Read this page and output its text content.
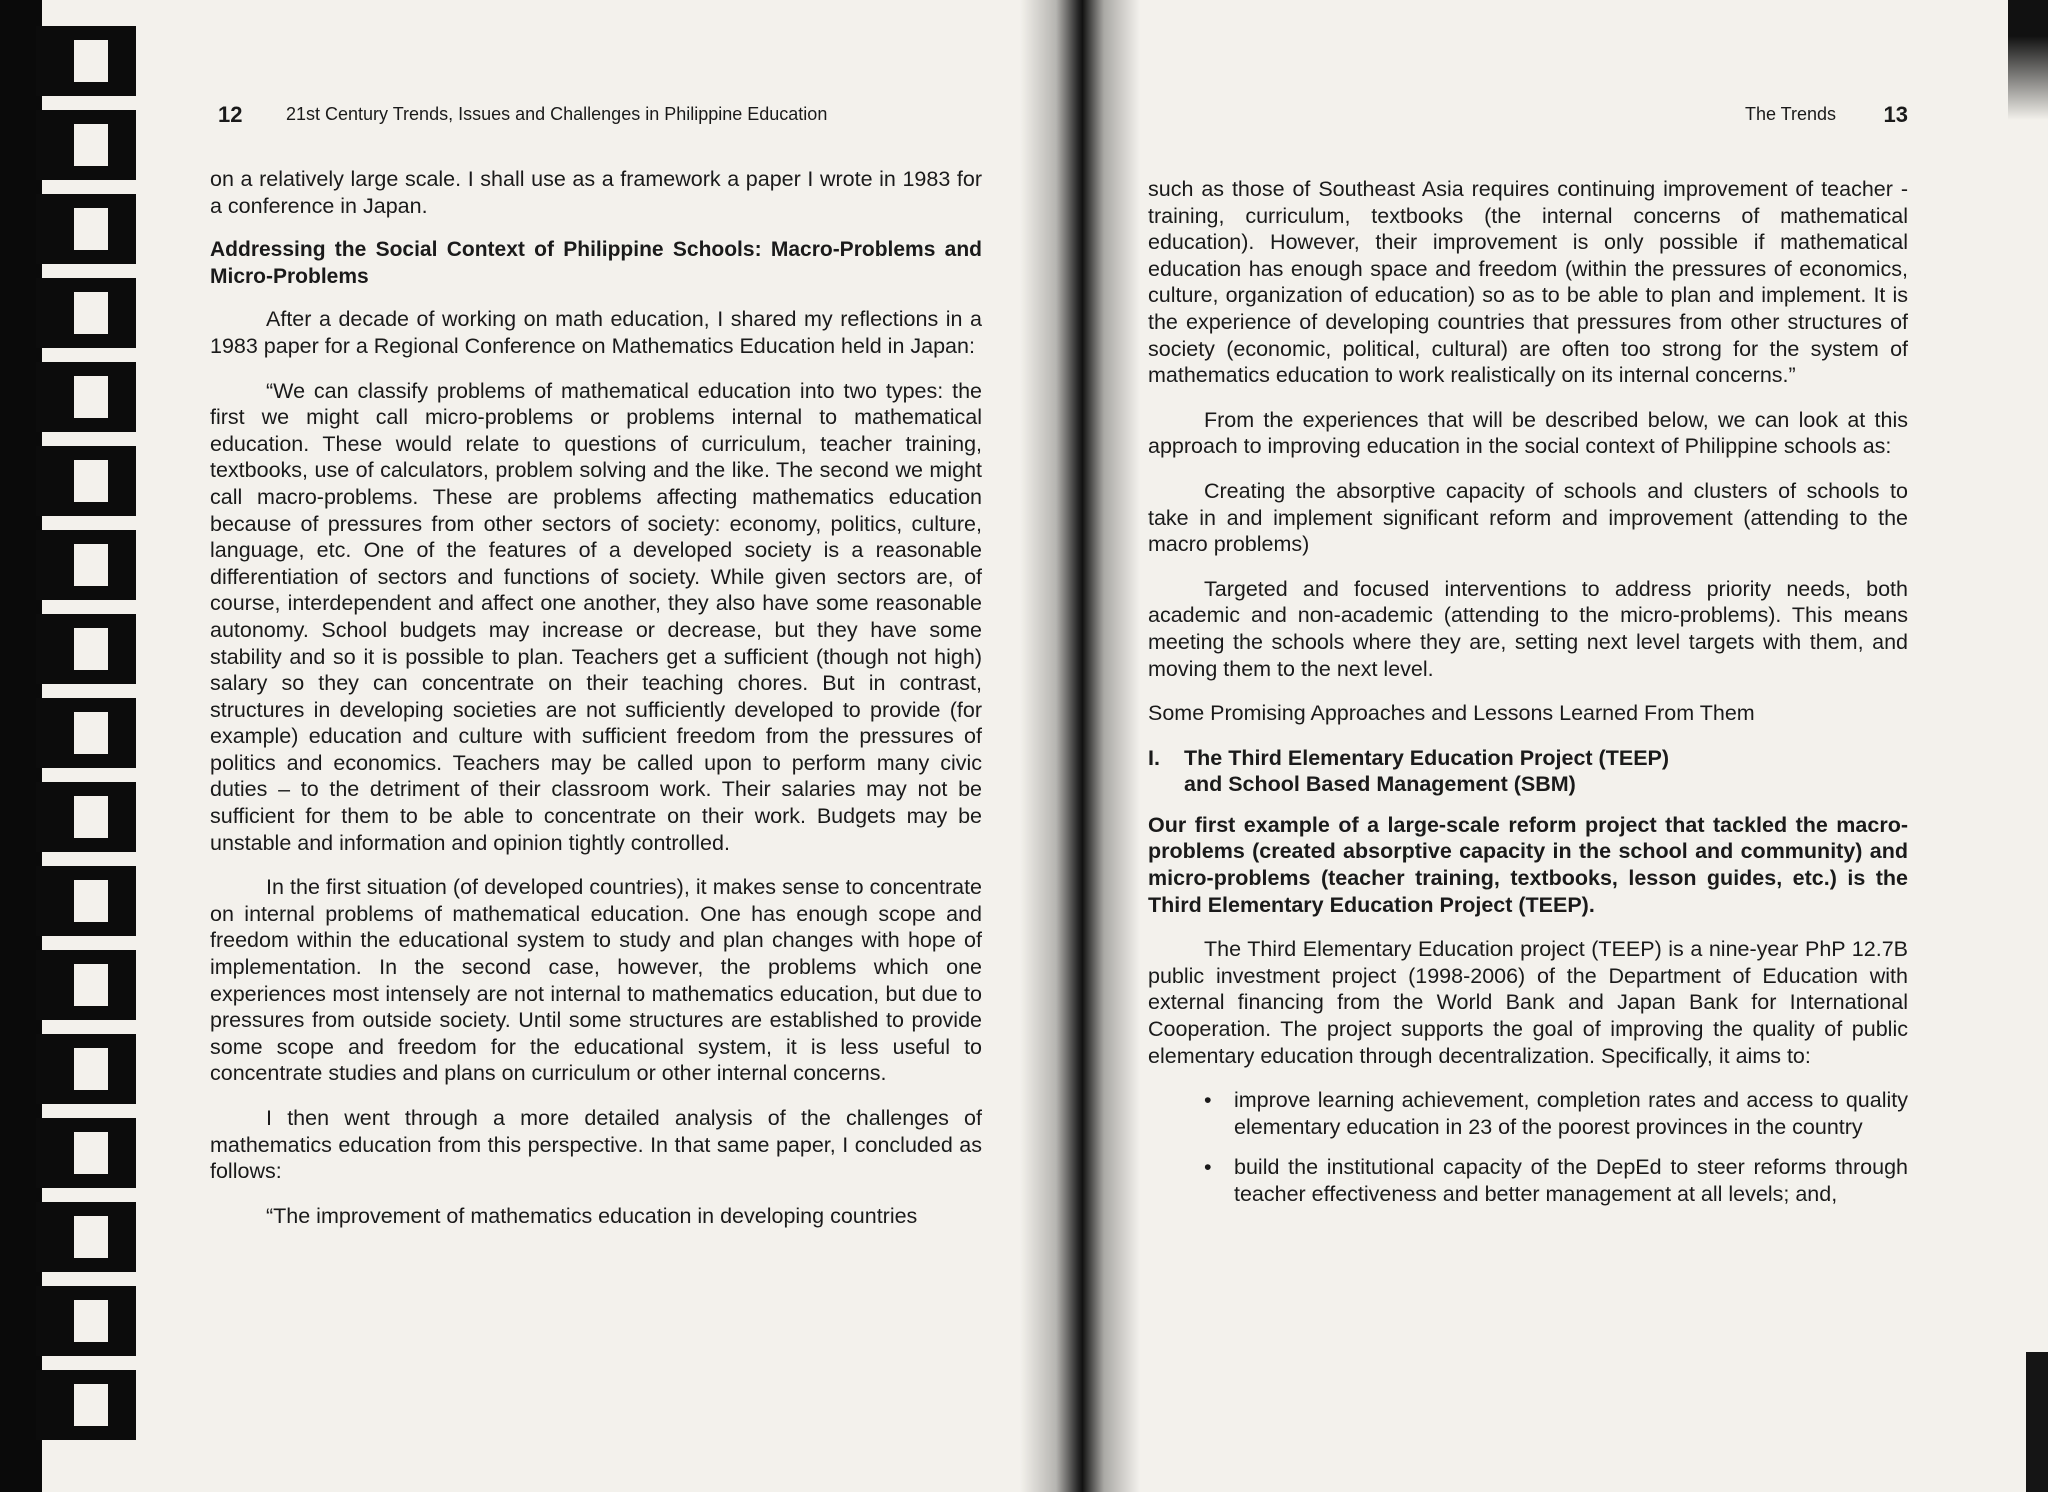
12 21st Century Trends, Issues and Challenges in Philippine Education

on a relatively large scale. I shall use as a framework a paper I wrote in 1983 for a conference in Japan.

Addressing the Social Context of Philippine Schools: Macro-Problems and Micro-Problems

After a decade of working on math education, I shared my reflections in a 1983 paper for a Regional Conference on Mathematics Education held in Japan:

“We can classify problems of mathematical education into two types: the first we might call micro-problems or problems internal to mathematical education. These would relate to questions of curriculum, teacher training, textbooks, use of calculators, problem solving and the like. The second we might call macro-problems. These are problems affecting mathematics education because of pressures from other sectors of society: economy, politics, culture, language, etc. One of the features of a developed society is a reasonable differentiation of sectors and functions of society. While given sectors are, of course, interdependent and affect one another, they also have some reasonable autonomy. School budgets may increase or decrease, but they have some stability and so it is possible to plan. Teachers get a sufficient (though not high) salary so they can concentrate on their teaching chores. But in contrast, structures in developing societies are not sufficiently developed to provide (for example) education and culture with sufficient freedom from the pressures of politics and economics. Teachers may be called upon to perform many civic duties – to the detriment of their classroom work. Their salaries may not be sufficient for them to be able to concentrate on their work. Budgets may be unstable and information and opinion tightly controlled.

In the first situation (of developed countries), it makes sense to concentrate on internal problems of mathematical education. One has enough scope and freedom within the educational system to study and plan changes with hope of implementation. In the second case, however, the problems which one experiences most intensely are not internal to mathematics education, but due to pressures from outside society. Until some structures are established to provide some scope and freedom for the educational system, it is less useful to concentrate studies and plans on curriculum or other internal concerns.

I then went through a more detailed analysis of the challenges of mathematics education from this perspective. In that same paper, I concluded as follows:

“The improvement of mathematics education in developing countries

The Trends 13

such as those of Southeast Asia requires continuing improvement of teacher - training, curriculum, textbooks (the internal concerns of mathematical education). However, their improvement is only possible if mathematical education has enough space and freedom (within the pressures of economics, culture, organization of education) so as to be able to plan and implement. It is the experience of developing countries that pressures from other structures of society (economic, political, cultural) are often too strong for the system of mathematics education to work realistically on its internal concerns.”

From the experiences that will be described below, we can look at this approach to improving education in the social context of Philippine schools as:

Creating the absorptive capacity of schools and clusters of schools to take in and implement significant reform and improvement (attending to the macro problems)

Targeted and focused interventions to address priority needs, both academic and non-academic (attending to the micro-problems). This means meeting the schools where they are, setting next level targets with them, and moving them to the next level.

Some Promising Approaches and Lessons Learned From Them

I. The Third Elementary Education Project (TEEP)
and School Based Management (SBM)

Our first example of a large-scale reform project that tackled the macro-problems (created absorptive capacity in the school and community) and micro-problems (teacher training, textbooks, lesson guides, etc.) is the Third Elementary Education Project (TEEP).

The Third Elementary Education project (TEEP) is a nine-year PhP 12.7B public investment project (1998-2006) of the Department of Education with external financing from the World Bank and Japan Bank for International Cooperation. The project supports the goal of improving the quality of public elementary education through decentralization. Specifically, it aims to:

• improve learning achievement, completion rates and access to quality elementary education in 23 of the poorest provinces in the country
• build the institutional capacity of the DepEd to steer reforms through teacher effectiveness and better management at all levels; and,
